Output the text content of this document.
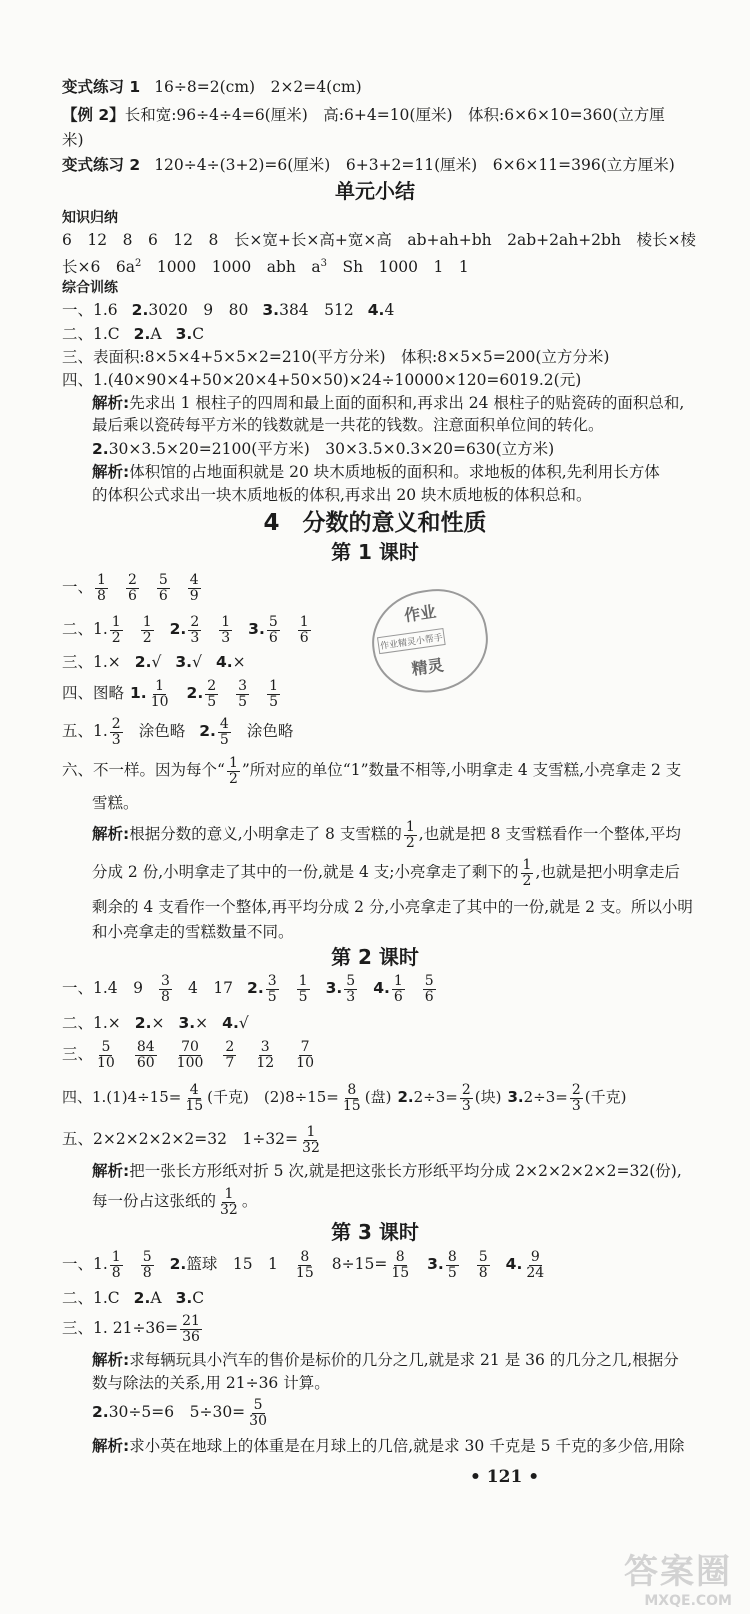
变式练习 1 16÷8=2(cm)　2×2=4(cm)
【例 2】长和宽:96÷4÷4=6(厘米)　高:6+4=10(厘米)　体积:6×6×10=360(立方厘
米)
变式练习 2 120÷4÷(3+2)=6(厘米)　6+3+2=11(厘米)　6×6×11=396(立方厘米)
单元小结
知识归纳
6　12　8　6　12　8　长×宽+长×高+宽×高　ab+ah+bh　2ab+2ah+2bh　棱长×棱
长×6　$6a^2$　1000　1000　abh　$a^3$　Sh　1000　1　1
综合训练
一、1.6 2.3020　9　80 3.384　512 4.4
二、1.C 2.A 3.C
三、表面积:8×5×4+5×5×2=210(平方分米)　体积:8×5×5=200(立方分米)
四、1.(40×90×4+50×20×4+50×50)×24÷10000×120=6019.2(元)
解析:先求出 1 根柱子的四周和最上面的面积和,再求出 24 根柱子的贴瓷砖的面积总和,
最后乘以瓷砖每平方米的钱数就是一共花的钱数。注意面积单位间的转化。
2.30×3.5×20=2100(平方米)　30×3.5×0.3×20=630(立方米)
解析:体积馆的占地面积就是 20 块木质地板的面积和。求地板的体积,先利用长方体
的体积公式求出一块木质地板的体积,再求出 20 块木质地板的体积总和。
4　分数的意义和性质
第 1 课时
一、 $\frac{1}{8} \frac{2}{6} \frac{5}{6} \frac{4}{9}$
二、1. $\frac{1}{2} \frac{1}{2} 2$. $\frac{2}{3} \frac{1}{3} 3$. $\frac{5}{6} \frac{1}{6}$
三、1.× 2.√ 3.√ 4.×
四、图略 1. $\frac{1}{10} 2$. $\frac{2}{5} \frac{3}{5} \frac{1}{5}$
五、1. $\frac{2}{3}$ 涂色略 2. $\frac{4}{5}$ 涂色略
六、不一样。因为每个“ $\frac{1}{2}$ ”所对应的单位“1”数量不相等,小明拿走 4 支雪糕,小亮拿走 2 支
雪糕。
解析:根据分数的意义,小明拿走了 8 支雪糕的 $\frac{1}{2}$ ,也就是把 8 支雪糕看作一个整体,平均
分成 2 份,小明拿走了其中的一份,就是 4 支;小亮拿走了剩下的 $\frac{1}{2}$ ,也就是把小明拿走后
剩余的 4 支看作一个整体,再平均分成 2 分,小亮拿走了其中的一份,就是 2 支。所以小明
和小亮拿走的雪糕数量不同。
第 2 课时
一、1.4　$9 \frac{3}{8} 4$　17 2. $\frac{3}{5} \frac{1}{5} 3$. $\frac{5}{3} 4$. $\frac{1}{6} \frac{5}{6}$
二、1.× 2.× 3.× 4.√
三、 $\frac{5}{10} \frac{84}{60} \frac{70}{100} \frac{2}{7} \frac{3}{12} \frac{7}{10}$
四、$1.(1)4\div 15= \frac{4}{15}$ (千克)　$(2)8\div 15= \frac{8}{15}$ (盘) $2.2\div 3= \frac{2}{3}$ (块) $3.2\div 3= \frac{2}{3}$ (千克)
五、2×2×2×2×2=32　$1\div 32= \frac{1}{32}$
解析:把一张长方形纸对折 5 次,就是把这张长方形纸平均分成 2×2×2×2×2=32(份),
每一份占这张纸的 $\frac{1}{32}$ 。
第 3 课时
一、1. $\frac{1}{8} \frac{5}{8} 2$.篮球　15　$1 \frac{8}{15} 8\div 15= \frac{8}{15} 3$. $\frac{8}{5} \frac{5}{8} 4$. $\frac{9}{24}$
二、1.C 2.A 3.C
三、1. $21\div 36= \frac{21}{36}$
解析:求每辆玩具小汽车的售价是标价的几分之几,就是求 21 是 36 的几分之几,根据分
数与除法的关系,用 21÷36 计算。
2.30÷5=6　$5\div 30= \frac{5}{30}$
解析:求小英在地球上的体重是在月球上的几倍,就是求 30 千克是 5 千克的多少倍,用除
• 121 •
作业
作业精灵小帮手
精灵
答案圈
MXQE.COM
